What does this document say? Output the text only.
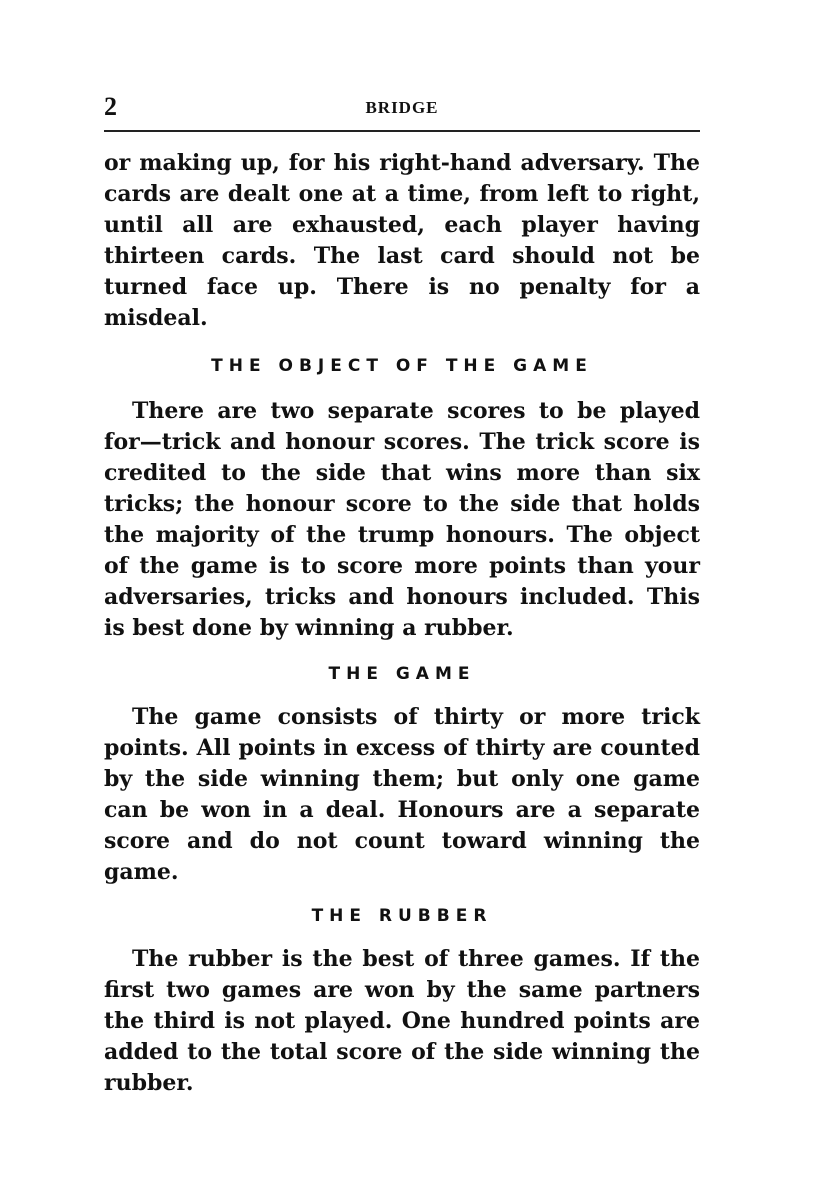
2	BRIDGE

or making up, for his right-hand adversary. The cards are dealt one at a time, from left to right, until all are exhausted, each player having thirteen cards. The last card should not be turned face up. There is no penalty for a misdeal.

THE OBJECT OF THE GAME

There are two separate scores to be played for—trick and honour scores. The trick score is credited to the side that wins more than six tricks; the honour score to the side that holds the majority of the trump honours. The object of the game is to score more points than your adversaries, tricks and honours included. This is best done by winning a rubber.

THE GAME

The game consists of thirty or more trick points. All points in excess of thirty are counted by the side winning them; but only one game can be won in a deal. Honours are a separate score and do not count toward winning the game.

THE RUBBER

The rubber is the best of three games. If the first two games are won by the same partners the third is not played. One hundred points are added to the total score of the side winning the rubber.
